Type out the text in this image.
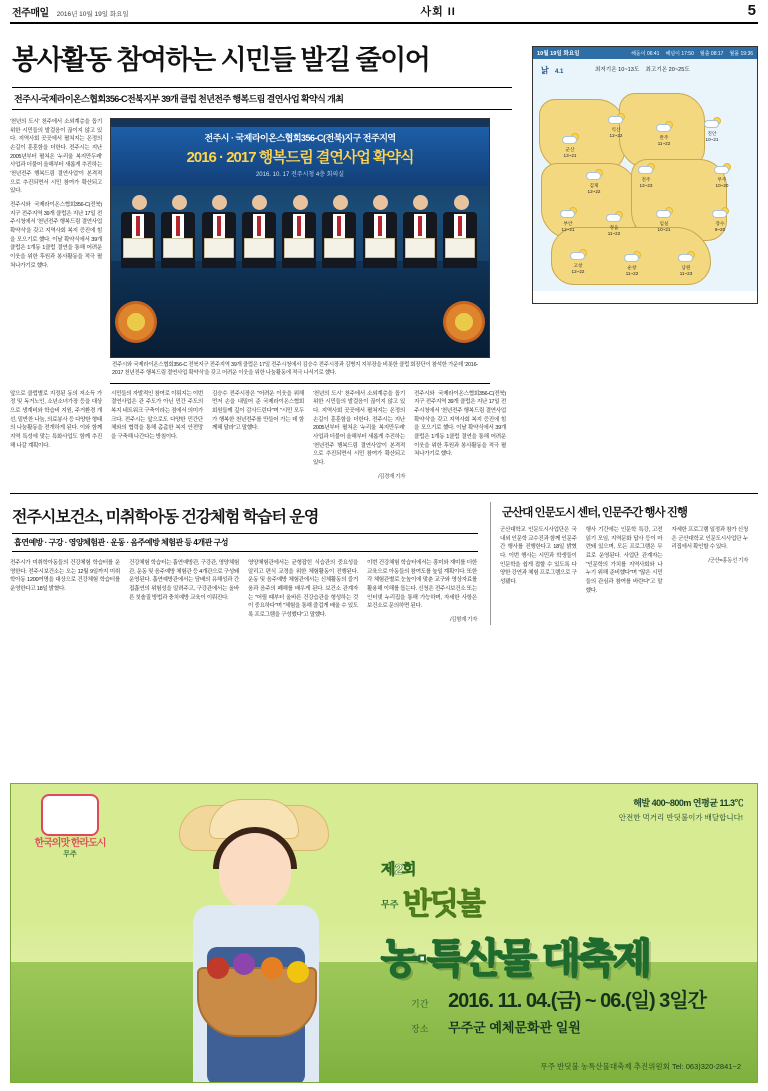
전주매일 2016년 10월 19일 화요일	사회 II	5
봉사활동 참여하는 시민들 발길 줄이어
전주시-국제라이온스협회356-C전북지부 39개 클럽 천년전주 행복드림 결연사업 확약식 개최

'천년의 도시' 천주에서 소외계층을 돕기 위한 시민들의 발걸음이 끊이지 않고 있다. 지역사회 곳곳에서 펼쳐지는 온정의 손길이 훈훈함을 더한다. 전주시는 지난 2005년부터 펼쳐온 '누리울 복지만두레' 사업과 더불어 올해부터 새롭게 추진하는 '천년전주 행복드림 결연사업'이 본격적으로 추진되면서 시민 참여가 확산되고 있다.

전주시와 국제라이온스협회356-C(전북)지구 전주지역 39개 클럽은 지난 17일 전주시청에서 '천년전주 행복드림 결연사업 확약식'을 갖고 지역사회 복지 증진에 힘을 모으기로 했다. 이날 확약식에서 39개 클럽은 1개동 1클럽 결연을 통해 어려운 이웃을 위한 후원과 봉사활동을 적극 펼쳐나가기로 했다.

전주시 · 국제라이온스협회356-C(전북)지구 전주지역
2016 · 2017 행복드림 결연사업 확약식
2016. 10. 17 전주시청 4층 회의실
전주시와 국제라이온스협회356-C 전북지구 전주지역 39개 클럽은 17일 전주시청에서 김승수 전주시장과 김병지 지부장을 비롯한 클럽 회장단이 참석한 가운데 '2016-2017 천년전주 행복드림 결연사업 확약식'을 갖고 어려운 이웃을 위한 나눔활동에 적극 나서기로 했다.

앞으로 클럽별로 지정된 동의 저소득 가정 및 독거노인, 소년소녀가장 등을 대상으로 생계비와 학습비 지원, 주거환경 개선, 밑반찬 나눔, 의료봉사 등 다양한 형태의 나눔활동을 전개하게 된다. 이와 함께 지역 특성에 맞는 특화사업도 함께 추진해 나갈 계획이다.

시민들의 자발적인 참여로 이뤄지는 이번 결연사업은 관 주도가 아닌 민간 주도의 복지 네트워크 구축이라는 점에서 의미가 크다. 전주시는 앞으로도 다양한 민간단체와의 협력을 통해 촘촘한 복지 안전망을 구축해 나간다는 방침이다.

김승수 전주시장은 "어려운 이웃을 위해 먼저 손을 내밀어 준 국제라이온스협회 회원들께 깊이 감사드린다"며 "시민 모두가 행복한 천년전주를 만들어 가는 데 함께해 달라"고 말했다.

'천년의 도시' 천주에서 소외계층을 돕기 위한 시민들의 발걸음이 끊이지 않고 있다. 지역사회 곳곳에서 펼쳐지는 온정의 손길이 훈훈함을 더한다. 전주시는 지난 2005년부터 펼쳐온 '누리울 복지만두레' 사업과 더불어 올해부터 새롭게 추진하는 '천년전주 행복드림 결연사업'이 본격적으로 추진되면서 시민 참여가 확산되고 있다.

/김경재 기자

전주시와 국제라이온스협회356-C(전북)지구 전주지역 39개 클럽은 지난 17일 전주시청에서 '천년전주 행복드림 결연사업 확약식'을 갖고 지역사회 복지 증진에 힘을 모으기로 했다. 이날 확약식에서 39개 클럽은 1개동 1클럽 결연을 통해 어려운 이웃을 위한 후원과 봉사활동을 적극 펼쳐나가기로 했다.

10월 19일 화요일	해돋이 06:41 해넘이 17:50 월출 08:17 월몰 19:36
낡 4.1	최저기온 10~13도 최고기온 20~25도
군산
13~21
익산
12~22	완주
11~22
진안
10~21
김제
12~22
전주
12~23
무주
10~20
부안
12~21	정읍
11~22
임실
10~21
장수
9~20
고창
12~22
순창
11~22
남원
11~23
전주시보건소, 미취학아동 건강체험 학습터 운영
흡연예방 · 구강 · 영양체험관 · 운동 · 음주예방 체험관 등 4개관 구성

전주시가 미취학아동들의 건강체험 학습터를 운영한다. 전주시보건소는 오는 12월 9일까지 미취학아동 1200여명을 대상으로 건강체험 학습터를 운영한다고 18일 밝혔다.

건강체험 학습터는 흡연예방관, 구강관, 영양체험관, 운동 및 음주예방 체험관 등 4개관으로 구성돼 운영된다. 흡연예방관에서는 담배의 유해성과 간접흡연의 위험성을 알려주고, 구강관에서는 올바른 칫솔질 방법과 충치예방 교육이 이뤄진다.

영양체험관에서는 균형잡힌 식습관의 중요성을 알리고 편식 교정을 위한 체험활동이 진행된다. 운동 및 음주예방 체험관에서는 신체활동의 즐거움과 음주의 폐해를 배우게 된다. 보건소 관계자는 "어릴 때부터 올바른 건강습관을 형성하는 것이 중요하다"며 "체험을 통해 즐겁게 배울 수 있도록 프로그램을 구성했다"고 말했다.

이번 건강체험 학습터에서는 흥미와 재미를 더한 교육으로 아동들의 참여도를 높일 계획이다. 또한 각 체험관별로 눈높이에 맞춘 교구와 영상자료를 활용해 이해를 돕는다. 신청은 전주시보건소 또는 인터넷 누리집을 통해 가능하며, 자세한 사항은 보건소로 문의하면 된다.

/김형재 기자
군산대 인문도시 센터, 인문주간 행사 진행

군산대학교 인문도시사업단은 국내외 인문학 교수진과 함께 인문주간 행사를 진행한다고 18일 밝혔다. 이번 행사는 시민과 학생들이 인문학을 쉽게 접할 수 있도록 다양한 강연과 체험 프로그램으로 구성됐다.

행사 기간에는 인문학 특강, 고전 읽기 모임, 지역문화 답사 등이 마련돼 있으며, 모든 프로그램은 무료로 운영된다. 사업단 관계자는 "인문학의 가치를 지역사회와 나누기 위해 준비했다"며 "많은 시민들의 관심과 참여를 바란다"고 말했다.

자세한 프로그램 일정과 참가 신청은 군산대학교 인문도시사업단 누리집에서 확인할 수 있다.

/군산=홍동선 기자
한국의맛 한라도시
무주
해발 400~800m 연평균 11.3℃
안전한 먹거리 반딧불이가 배달합니다!
제2회
$^{무주}$ 반딧불
농·특산물 대축제
기간 2016. 11. 04.(금) ~ 06.(일) 3일간
장소 무주군 예체문화관 일원
무주 반딧불 농특산물대축제 추진위원회 Tel: 063)320-2841~2
